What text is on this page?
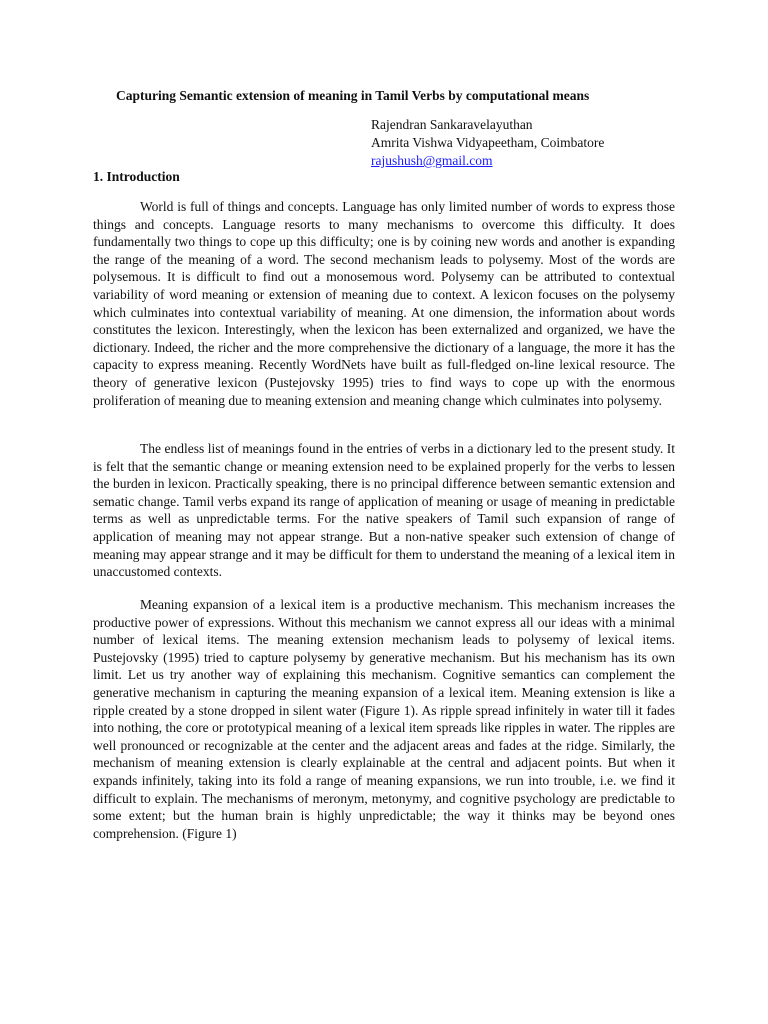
Capturing Semantic extension of meaning in Tamil Verbs by computational means
Rajendran Sankaravelayuthan
Amrita Vishwa Vidyapeetham, Coimbatore
rajushush@gmail.com
1. Introduction

World is full of things and concepts. Language has only limited number of words to express those things and concepts. Language resorts to many mechanisms to overcome this difficulty. It does fundamentally two things to cope up this difficulty; one is by coining new words and another is expanding the range of the meaning of a word. The second mechanism leads to polysemy. Most of the words are polysemous. It is difficult to find out a monosemous word. Polysemy can be attributed to contextual variability of word meaning or extension of meaning due to context. A lexicon focuses on the polysemy which culminates into contextual variability of meaning. At one dimension, the information about words constitutes the lexicon. Interestingly, when the lexicon has been externalized and organized, we have the dictionary. Indeed, the richer and the more comprehensive the dictionary of a language, the more it has the capacity to express meaning. Recently WordNets have built as full-fledged on-line lexical resource. The theory of generative lexicon (Pustejovsky 1995) tries to find ways to cope up with the enormous proliferation of meaning due to meaning extension and meaning change which culminates into polysemy.

The endless list of meanings found in the entries of verbs in a dictionary led to the present study. It is felt that the semantic change or meaning extension need to be explained properly for the verbs to lessen the burden in lexicon. Practically speaking, there is no principal difference between semantic extension and sematic change. Tamil verbs expand its range of application of meaning or usage of meaning in predictable terms as well as unpredictable terms. For the native speakers of Tamil such expansion of range of application of meaning may not appear strange. But a non-native speaker such extension of change of meaning may appear strange and it may be difficult for them to understand the meaning of a lexical item in unaccustomed contexts.

Meaning expansion of a lexical item is a productive mechanism. This mechanism increases the productive power of expressions. Without this mechanism we cannot express all our ideas with a minimal number of lexical items. The meaning extension mechanism leads to polysemy of lexical items. Pustejovsky (1995) tried to capture polysemy by generative mechanism. But his mechanism has its own limit. Let us try another way of explaining this mechanism. Cognitive semantics can complement the generative mechanism in capturing the meaning expansion of a lexical item. Meaning extension is like a ripple created by a stone dropped in silent water (Figure 1). As ripple spread infinitely in water till it fades into nothing, the core or prototypical meaning of a lexical item spreads like ripples in water. The ripples are well pronounced or recognizable at the center and the adjacent areas and fades at the ridge. Similarly, the mechanism of meaning extension is clearly explainable at the central and adjacent points. But when it expands infinitely, taking into its fold a range of meaning expansions, we run into trouble, i.e. we find it difficult to explain. The mechanisms of meronym, metonymy, and cognitive psychology are predictable to some extent; but the human brain is highly unpredictable; the way it thinks may be beyond ones comprehension. (Figure 1)
